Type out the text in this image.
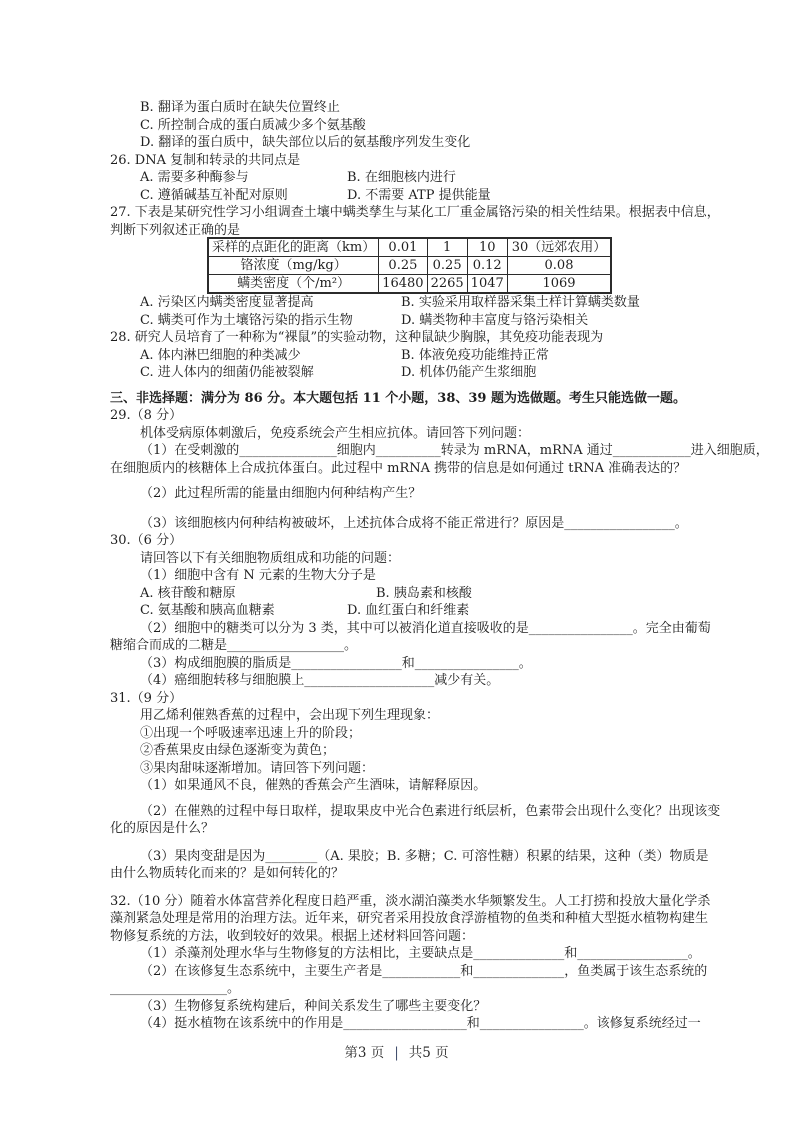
B. 翻译为蛋白质时在缺失位置终止
C. 所控制合成的蛋白质减少多个氨基酸
D. 翻译的蛋白质中，缺失部位以后的氨基酸序列发生变化
26. DNA 复制和转录的共同点是
A. 需要多种酶参与	B. 在细胞核内进行
C. 遵循碱基互补配对原则	D. 不需要 ATP 提供能量
27. 下表是某研究性学习小组调查土壤中螨类孳生与某化工厂重金属铬污染的相关性结果。根据表中信息，
判断下列叙述正确的是
采样的点距化的距离（km）	0.01	1	10	30（远郊农用）
铬浓度（mg/kg）	0.25	0.25	0.12	0.08
螨类密度（个/m²）	16480	2265	1047	1069
A. 污染区内螨类密度显著提高	B. 实验采用取样器采集土样计算螨类数量
C. 螨类可作为土壤铬污染的指示生物	D. 螨类物种丰富度与铬污染相关
28. 研究人员培育了一种称为“裸鼠”的实验动物，这种鼠缺少胸腺，其免疫功能表现为
A. 体内淋巴细胞的种类减少	B. 体液免疫功能维持正常
C. 进人体内的细菌仍能被裂解	D. 机体仍能产生浆细胞
三、非选择题：满分为 86 分。本大题包括 11 个小题，38、39 题为选做题。考生只能选做一题。
29.（8 分）
机体受病原体刺激后，免疫系统会产生相应抗体。请回答下列问题：
（1）在受刺激的_______________细胞内__________转录为 mRNA，mRNA 通过____________进入细胞质，
在细胞质内的核糖体上合成抗体蛋白。此过程中 mRNA 携带的信息是如何通过 tRNA 准确表达的？
（2）此过程所需的能量由细胞内何种结构产生？
（3）该细胞核内何种结构被破坏，上述抗体合成将不能正常进行？原因是_________________。
30.（6 分）
请回答以下有关细胞物质组成和功能的问题：
（1）细胞中含有 N 元素的生物大分子是
A. 核苷酸和糖原	B. 胰岛素和核酸
C. 氨基酸和胰高血糖素	D. 血红蛋白和纤维素
（2）细胞中的糖类可以分为 3 类，其中可以被消化道直接吸收的是________________。完全由葡萄
糖缩合而成的二糖是__________________。
（3）构成细胞膜的脂质是_________________和________________。
（4）癌细胞转移与细胞膜上____________________减少有关。
31.（9 分）
用乙烯利催熟香蕉的过程中，会出现下列生理现象：
①出现一个呼吸速率迅速上升的阶段；
②香蕉果皮由绿色逐渐变为黄色；
③果肉甜味逐渐增加。请回答下列问题：
（1）如果通风不良，催熟的香蕉会产生酒味，请解释原因。
（2）在催熟的过程中每日取样，提取果皮中光合色素进行纸层析，色素带会出现什么变化？出现该变
化的原因是什么？
（3）果肉变甜是因为________（A. 果胶；B. 多糖；C. 可溶性糖）积累的结果，这种（类）物质是
由什么物质转化而来的？是如何转化的？
32.（10 分）随着水体富营养化程度日趋严重，淡水湖泊藻类水华频繁发生。人工打捞和投放大量化学杀
藻剂紧急处理是常用的治理方法。近年来，研究者采用投放食浮游植物的鱼类和种植大型挺水植物构建生
物修复系统的方法，收到较好的效果。根据上述材料回答问题：
（1）杀藻剂处理水华与生物修复的方法相比，主要缺点是______________和_________________。
（2）在该修复生态系统中，主要生产者是____________和______________，鱼类属于该生态系统的
__________________。
（3）生物修复系统构建后，种间关系发生了哪些主要变化？
（4）挺水植物在该系统中的作用是___________________和________________。该修复系统经过一
第3 页 | 共5 页
